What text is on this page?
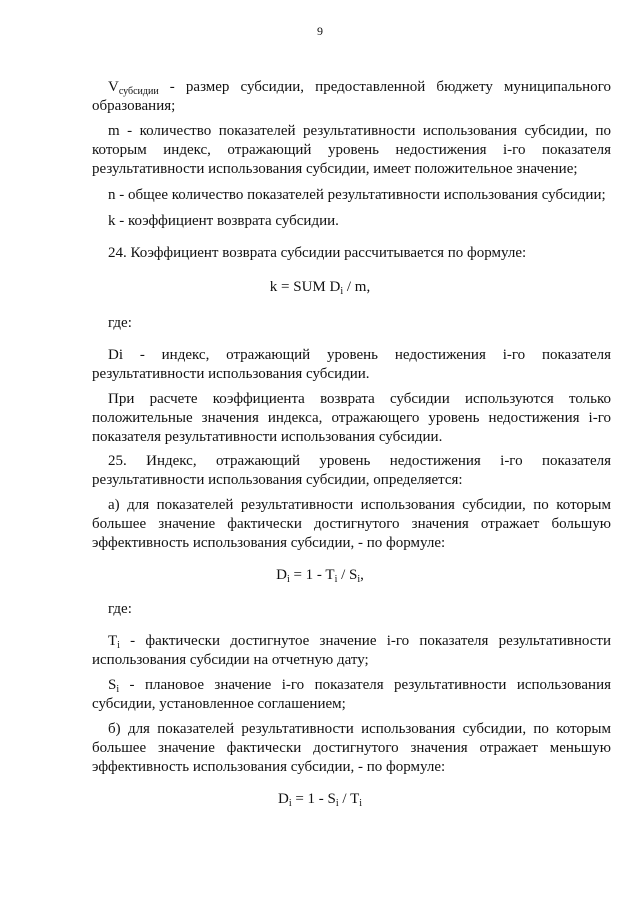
9

$V_{субсидии}$ - размер субсидии, предоставленной бюджету муниципального образования;

m - количество показателей результативности использования субсидии, по которым индекс, отражающий уровень недостижения i-го показателя результативности использования субсидии, имеет положительное значение;

n - общее количество показателей результативности использования субсидии;

k - коэффициент возврата субсидии.

24. Коэффициент возврата субсидии рассчитывается по формуле:

k = SUM $D_i$ / m,

где:

Di - индекс, отражающий уровень недостижения i-го показателя результативности использования субсидии.

При расчете коэффициента возврата субсидии используются только положительные значения индекса, отражающего уровень недостижения i-го показателя результативности использования субсидии.

25. Индекс, отражающий уровень недостижения i-го показателя результативности использования субсидии, определяется:

а) для показателей результативности использования субсидии, по которым большее значение фактически достигнутого значения отражает большую эффективность использования субсидии, - по формуле:

$D_i = 1 - T_i / S_i$,

где:

$T_i$ - фактически достигнутое значение i-го показателя результативности использования субсидии на отчетную дату;

$S_i$ - плановое значение i-го показателя результативности использования субсидии, установленное соглашением;

б) для показателей результативности использования субсидии, по которым большее значение фактически достигнутого значения отражает меньшую эффективность использования субсидии, - по формуле:

$D_i = 1 - S_i / T_i$
